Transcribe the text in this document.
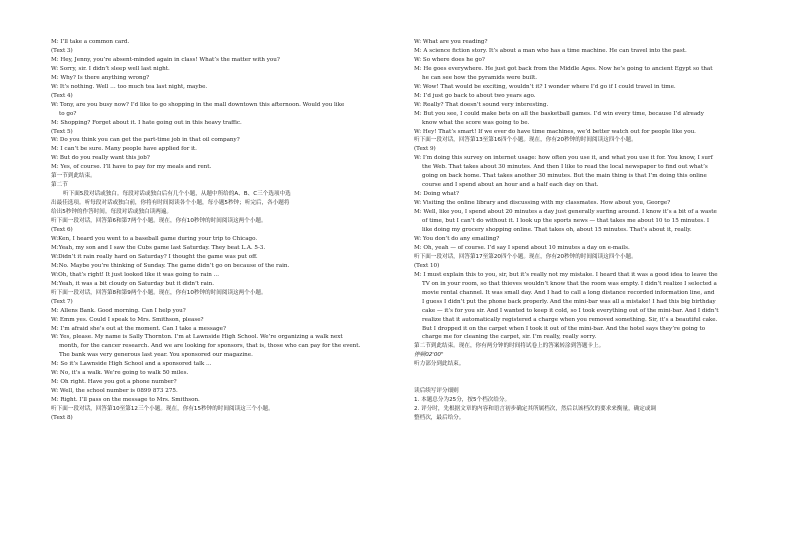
M: I’ll take a common card.
(Text 3)
M: Hey, Jenny, you’re absent-minded again in class! What’s the matter with you?
W: Sorry, sir. I didn’t sleep well last night.
M: Why? Is there anything wrong?
W: It’s nothing. Well … too much tea last night, maybe.
(Text 4)
W: Tony, are you busy now? I’d like to go shopping in the mall downtown this afternoon. Would you like
to go?
M: Shopping? Forget about it. I hate going out in this heavy traffic.
(Text 5)
W: Do you think you can get the part-time job in that oil company?
M: I can’t be sure. Many people have applied for it.
W: But do you really want this job?
M: Yes, of course. I’ll have to pay for my meals and rent.
第一节到此结束。
第二节
听下面5段对话或独白。每段对话或独白后有几个小题，从题中所给的A、B、C三个选项中选
出最佳选项。听每段对话或独白前，你将有时间阅读各个小题，每小题5秒钟；听完后，各小题将
给出5秒钟的作答时间。每段对话或独白读两遍。
听下面一段对话，回答第6和第7两个小题。现在，你有10秒钟的时间阅读这两个小题。
(Text 6)
W:Ken, I heard you went to a baseball game during your trip to Chicago.
M:Yeah, my son and I saw the Cubs game last Saturday. They beat L.A. 5-3.
W:Didn’t it rain really hard on Saturday? I thought the game was put off.
M:No. Maybe you’re thinking of Sunday. The game didn’t go on because of the rain.
W:Oh, that’s right! It just looked like it was going to rain ...
M:Yeah, it was a bit cloudy on Saturday but it didn’t rain.
听下面一段对话，回答第8和第9两个小题。现在，你有10秒钟的时间阅读这两个小题。
(Text 7)
M: Allens Bank. Good morning. Can I help you?
W: Emm yes. Could I speak to Mrs. Smithson, please?
M: I’m afraid she’s out at the moment. Can I take a message?
W: Yes, please. My name is Sally Thornton. I’m at Lawnside High School. We’re organizing a walk next
month, for the cancer research. And we are looking for sponsors, that is, those who can pay for the event.
The bank was very generous last year. You sponsored our magazine.
M: So it’s Lawnside High School and a sponsored talk …
W: No, it’s a walk. We’re going to walk 50 miles.
M: Oh right. Have you got a phone number?
W: Well, the school number is 0899 873 275.
M: Right. I’ll pass on the message to Mrs. Smithson.
听下面一段对话，回答第10至第12三个小题。现在，你有15秒钟的时间阅读这三个小题。
(Text 8)
W: What are you reading?
M: A science fiction story. It’s about a man who has a time machine. He can travel into the past.
W: So where does he go?
M: He goes everywhere. He just got back from the Middle Ages. Now he’s going to ancient Egypt so that
he can see how the pyramids were built.
W: Wow! That would be exciting, wouldn’t it? I wonder where I’d go if I could travel in time.
M: I’d just go back to about two years ago.
W: Really? That doesn’t sound very interesting.
M: But you see, I could make bets on all the basketball games. I’d win every time, because I’d already
know what the score was going to be.
W: Hey! That’s smart! If we ever do have time machines, we’d better watch out for people like you.
听下面一段对话，回答第13至第16四个小题。现在，你有20秒钟的时间阅读这四个小题。
(Text 9)
W: I’m doing this survey on internet usage: how often you use it, and what you use it for. You know, I surf
the Web. That takes about 30 minutes. And then I like to read the local newspaper to find out what’s
going on back home. That takes another 30 minutes. But the main thing is that I’m doing this online
course and I spend about an hour and a half each day on that.
M: Doing what?
W: Visiting the online library and discussing with my classmates. How about you, George?
M: Well, like you, I spend about 20 minutes a day just generally surfing around. I know it’s a bit of a waste
of time, but I can’t do without it. I look up the sports news — that takes me about 10 to 15 minutes. I
like doing my grocery shopping online. That takes oh, about 15 minutes. That’s about it, really.
W: You don’t do any emailing?
M: Oh, yeah — of course. I’d say I spend about 10 minutes a day on e-mails.
听下面一段对话，回答第17至第20四个小题。现在，你有20秒钟的时间阅读这四个小题。
(Text 10)
M: I must explain this to you, sir, but it’s really not my mistake. I heard that it was a good idea to leave the
TV on in your room, so that thieves wouldn’t know that the room was empty. I didn’t realize I selected a
movie rental channel. It was small day. And I had to call a long distance recorded information line, and
I guess I didn’t put the phone back properly. And the mini-bar was all a mistake! I had this big birthday
cake — it’s for you sir. And I wanted to keep it cold, so I took everything out of the mini-bar. And I didn’t
realize that it automatically registered a charge when you removed something. Sir, it’s a beautiful cake.
But I dropped it on the carpet when I took it out of the mini-bar. And the hotel says they’re going to
charge me for cleaning the carpet, sir. I’m really, really sorry.
第二节到此结束。现在，你有两分钟的时间将试卷上的答案转涂到答题卡上。
停顿02'00"
听力部分到此结束。
读后续写评分细则
1. 本题总分为25分，按5个档次给分。
2. 评分时，先根据文章的内容和语言初步确定其所属档次，然后以该档次的要求来衡量，确定或调
整档次，最后给分。
